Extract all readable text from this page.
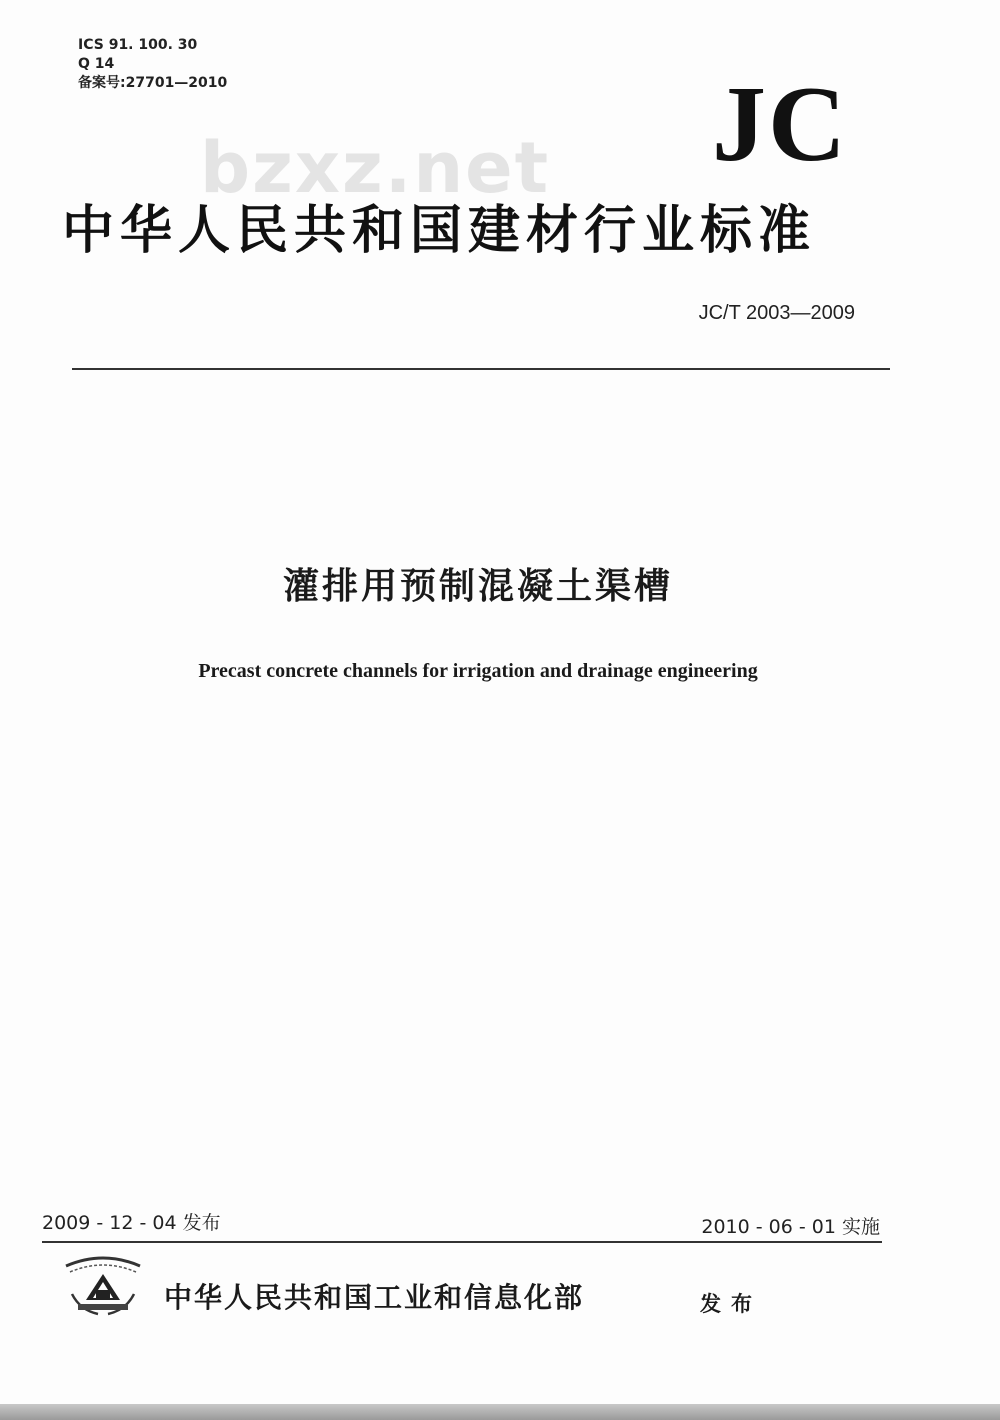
ICS 91. 100. 30
Q 14
备案号:27701—2010	JC
bzxz.net
中华人民共和国建材行业标准
JC/T 2003—2009
灌排用预制混凝土渠槽
Precast concrete channels for irrigation and drainage engineering
2009 - 12 - 04 发布	2010 - 06 - 01 实施
中华人民共和国工业和信息化部	发布
